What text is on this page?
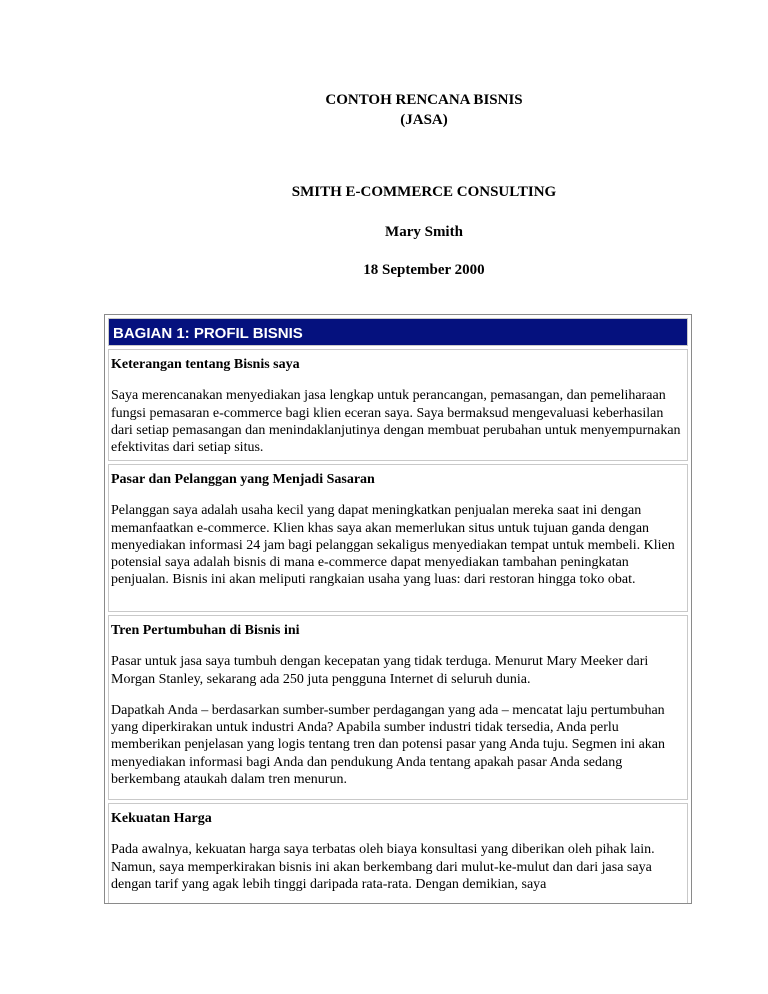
CONTOH RENCANA BISNIS
(JASA)
SMITH E-COMMERCE CONSULTING
Mary Smith
18 September 2000
BAGIAN 1: PROFIL BISNIS
Keterangan tentang Bisnis saya

Saya merencanakan menyediakan jasa lengkap untuk perancangan, pemasangan, dan pemeliharaan fungsi pemasaran e-commerce bagi klien eceran saya. Saya bermaksud mengevaluasi keberhasilan dari setiap pemasangan dan menindaklanjutinya dengan membuat perubahan untuk menyempurnakan efektivitas dari setiap situs.

Pasar dan Pelanggan yang Menjadi Sasaran

Pelanggan saya adalah usaha kecil yang dapat meningkatkan penjualan mereka saat ini dengan memanfaatkan e-commerce. Klien khas saya akan memerlukan situs untuk tujuan ganda dengan menyediakan informasi 24 jam bagi pelanggan sekaligus menyediakan tempat untuk membeli. Klien potensial saya adalah bisnis di mana e-commerce dapat menyediakan tambahan peningkatan penjualan. Bisnis ini akan meliputi rangkaian usaha yang luas: dari restoran hingga toko obat.

Tren Pertumbuhan di Bisnis ini

Pasar untuk jasa saya tumbuh dengan kecepatan yang tidak terduga. Menurut Mary Meeker dari Morgan Stanley, sekarang ada 250 juta pengguna Internet di seluruh dunia.

Dapatkah Anda – berdasarkan sumber-sumber perdagangan yang ada – mencatat laju pertumbuhan yang diperkirakan untuk industri Anda? Apabila sumber industri tidak tersedia, Anda perlu memberikan penjelasan yang logis tentang tren dan potensi pasar yang Anda tuju. Segmen ini akan menyediakan informasi bagi Anda dan pendukung Anda tentang apakah pasar Anda sedang berkembang ataukah dalam tren menurun.

Kekuatan Harga

Pada awalnya, kekuatan harga saya terbatas oleh biaya konsultasi yang diberikan oleh pihak lain. Namun, saya memperkirakan bisnis ini akan berkembang dari mulut-ke-mulut dan dari jasa saya dengan tarif yang agak lebih tinggi daripada rata-rata. Dengan demikian, saya
